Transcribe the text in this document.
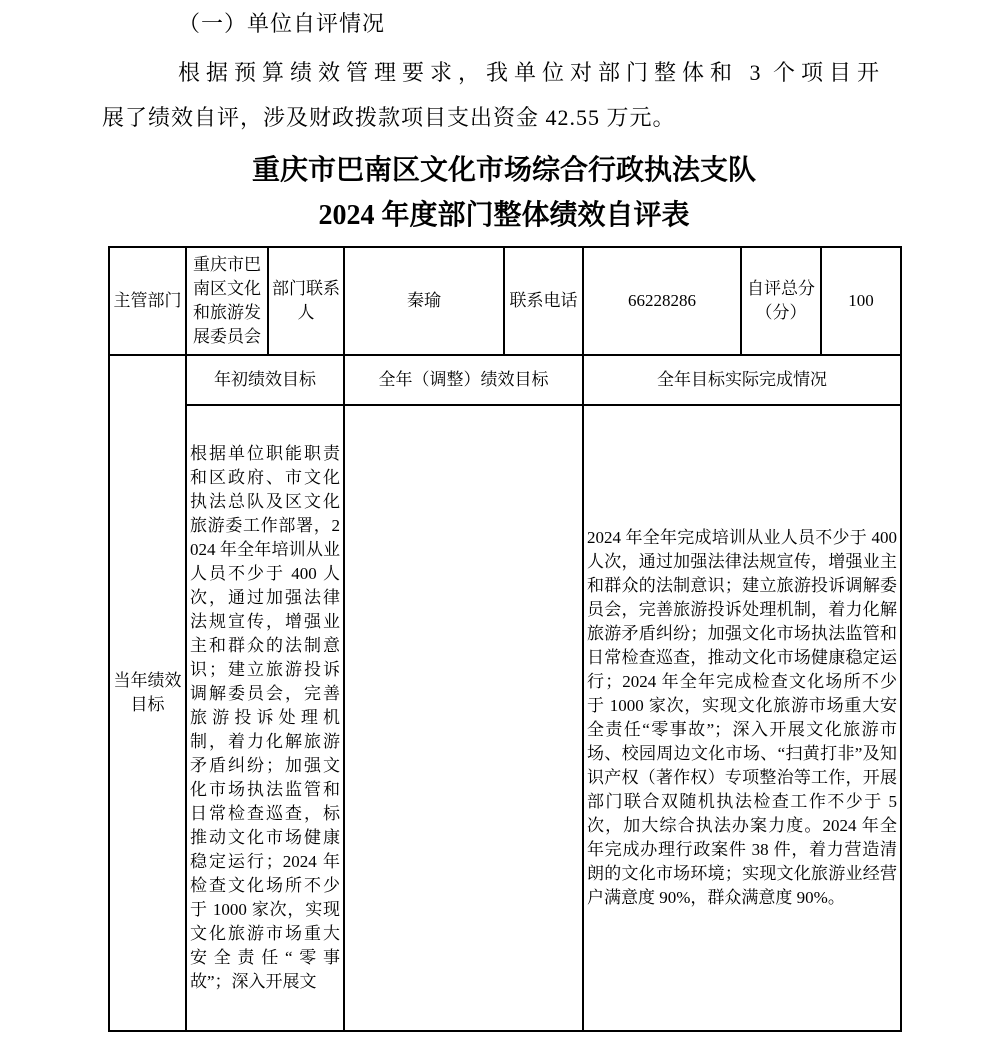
（一）单位自评情况
根据预算绩效管理要求，我单位对部门整体和 3 个项目开
展了绩效自评，涉及财政拨款项目支出资金 42.55 万元。
重庆市巴南区文化市场综合行政执法支队
2024 年度部门整体绩效自评表
主管部门	重庆市巴南区文化和旅游发展委员会	部门联系人	秦瑜	联系电话	66228286	自评总分（分）	100
当年绩效目标	年初绩效目标		全年（调整）绩效目标		全年目标实际完成情况		

	根据单位职能职责和区政府、市文化执法总队及区文化旅游委工作部署，2024 年全年培训从业人员不少于 400 人次，通过加强法律法规宣传，增强业主和群众的法制意识；建立旅游投诉调解委员会，完善旅游投诉处理机制，着力化解旅游矛盾纠纷；加强文化市场执法监管和日常检查巡查，标推动文化市场健康稳定运行；2024 年检查文化场所不少于 1000 家次，实现文化旅游市场重大安全责任“零事故”；深入开展文				2024 年全年完成培训从业人员不少于 400 人次，通过加强法律法规宣传，增强业主和群众的法制意识；建立旅游投诉调解委员会，完善旅游投诉处理机制，着力化解旅游矛盾纠纷；加强文化市场执法监管和日常检查巡查，推动文化市场健康稳定运行；2024 年全年完成检查文化场所不少于 1000 家次，实现文化旅游市场重大安全责任“零事故”；深入开展文化旅游市场、校园周边文化市场、“扫黄打非”及知识产权（著作权）专项整治等工作，开展部门联合双随机执法检查工作不少于 5 次，加大综合执法办案力度。2024 年全年完成办理行政案件 38 件，着力营造清朗的文化市场环境；实现文化旅游业经营户满意度 90%，群众满意度 90%。		
